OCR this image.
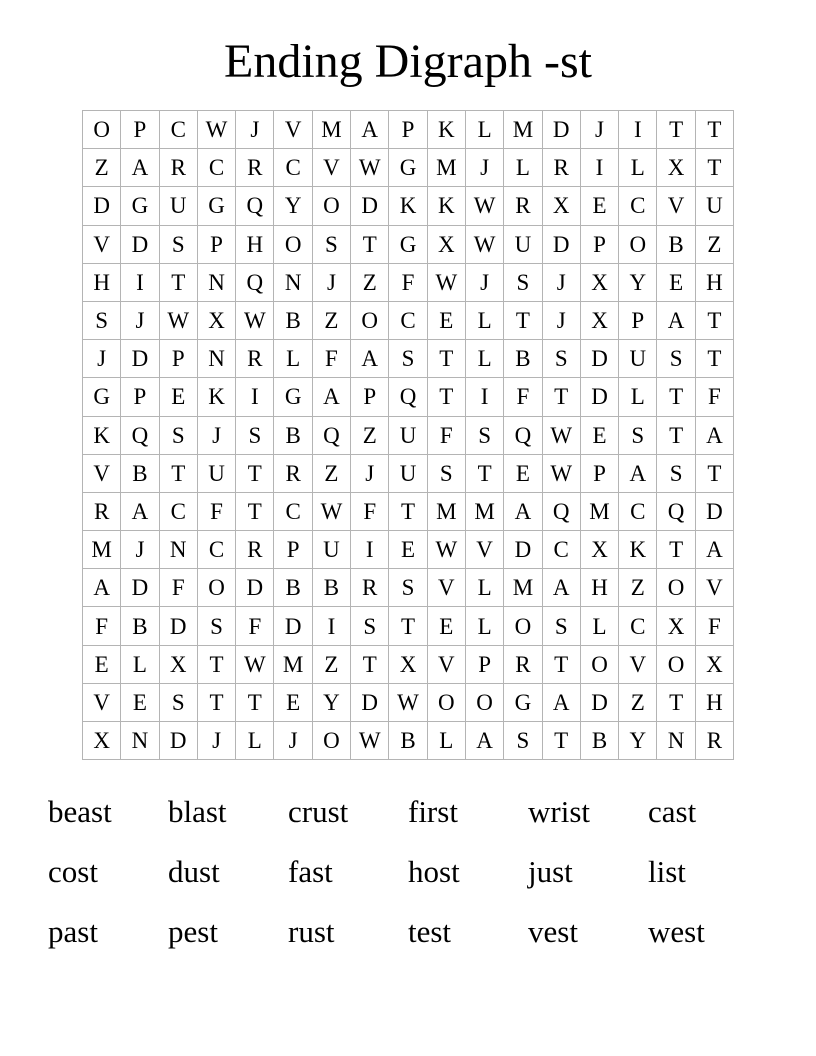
Ending Digraph -st
O	P	C	W	J	V	M	A	P	K	L	M	D	J	I	T	T
Z	A	R	C	R	C	V	W	G	M	J	L	R	I	L	X	T
D	G	U	G	Q	Y	O	D	K	K	W	R	X	E	C	V	U
V	D	S	P	H	O	S	T	G	X	W	U	D	P	O	B	Z
H	I	T	N	Q	N	J	Z	F	W	J	S	J	X	Y	E	H
S	J	W	X	W	B	Z	O	C	E	L	T	J	X	P	A	T
J	D	P	N	R	L	F	A	S	T	L	B	S	D	U	S	T
G	P	E	K	I	G	A	P	Q	T	I	F	T	D	L	T	F
K	Q	S	J	S	B	Q	Z	U	F	S	Q	W	E	S	T	A
V	B	T	U	T	R	Z	J	U	S	T	E	W	P	A	S	T
R	A	C	F	T	C	W	F	T	M	M	A	Q	M	C	Q	D
M	J	N	C	R	P	U	I	E	W	V	D	C	X	K	T	A
A	D	F	O	D	B	B	R	S	V	L	M	A	H	Z	O	V
F	B	D	S	F	D	I	S	T	E	L	O	S	L	C	X	F
E	L	X	T	W	M	Z	T	X	V	P	R	T	O	V	O	X
V	E	S	T	T	E	Y	D	W	O	O	G	A	D	Z	T	H
X	N	D	J	L	J	O	W	B	L	A	S	T	B	Y	N	R
beast	blast	crust	first	wrist	cast
cost	dust	fast	host	just	list
past	pest	rust	test	vest	west
